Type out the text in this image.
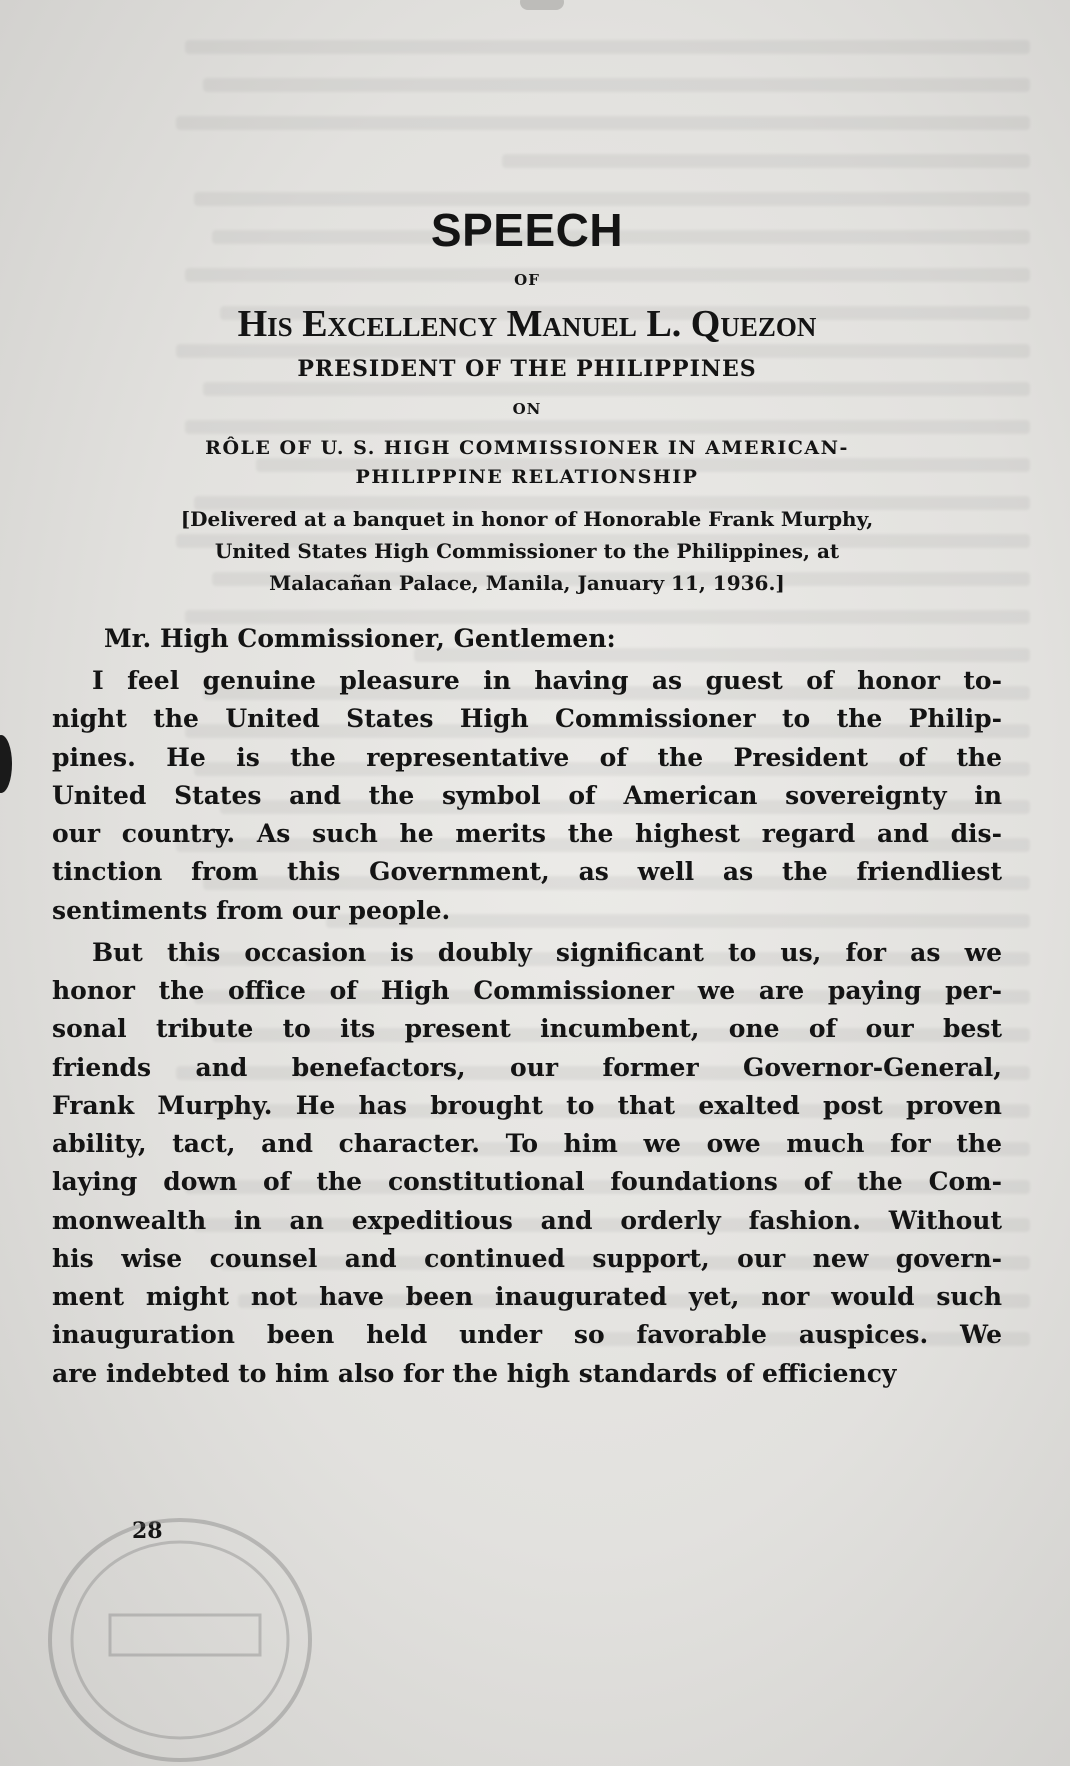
SPEECH

OF

His Excellency Manuel L. Quezon

PRESIDENT OF THE PHILIPPINES

ON

RÔLE OF U. S. HIGH COMMISSIONER IN AMERICAN-
PHILIPPINE RELATIONSHIP
[Delivered at a banquet in honor of Honorable Frank Murphy,
United States High Commissioner to the Philippines, at
Malacañan Palace, Manila, January 11, 1936.]

Mr. High Commissioner, Gentlemen:

I feel genuine pleasure in having as guest of honor to-
night the United States High Commissioner to the Philip-
pines. He is the representative of the President of the
United States and the symbol of American sovereignty in
our country. As such he merits the highest regard and dis-
tinction from this Government, as well as the friendliest
sentiments from our people.
But this occasion is doubly significant to us, for as we
honor the office of High Commissioner we are paying per-
sonal tribute to its present incumbent, one of our best
friends and benefactors, our former Governor-General,
Frank Murphy. He has brought to that exalted post proven
ability, tact, and character. To him we owe much for the
laying down of the constitutional foundations of the Com-
monwealth in an expeditious and orderly fashion. Without
his wise counsel and continued support, our new govern-
ment might not have been inaugurated yet, nor would such
inauguration been held under so favorable auspices. We
are indebted to him also for the high standards of efficiency
28
